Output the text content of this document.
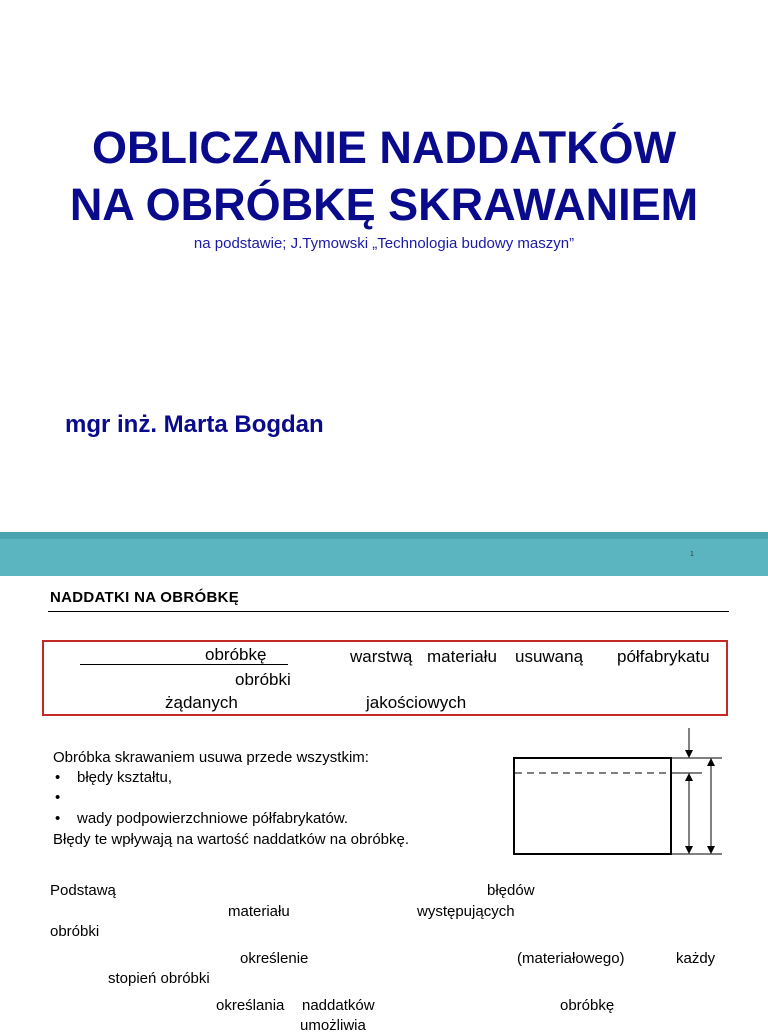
OBLICZANIE NADDATKÓW
NA OBRÓBKĘ SKRAWANIEM
na podstawie; J.Tymowski „Technologia budowy maszyn”
mgr inż. Marta Bogdan
1
NADDATKI NA OBRÓBKĘ
obróbkę	warstwą materiału usuwaną półfabrykatu
obróbki
żądanych	jakościowych
Obróbka skrawaniem usuwa przede wszystkim:
• błędy kształtu,
•
• wady podpowierzchniowe półfabrykatów.
Błędy te wpływają na wartość naddatków na obróbkę.
Podstawą	błędów
materiału	występujących
obróbki
określenie	(materiałowego)	każdy
stopień obróbki
określania naddatków	obróbkę
umożliwia
